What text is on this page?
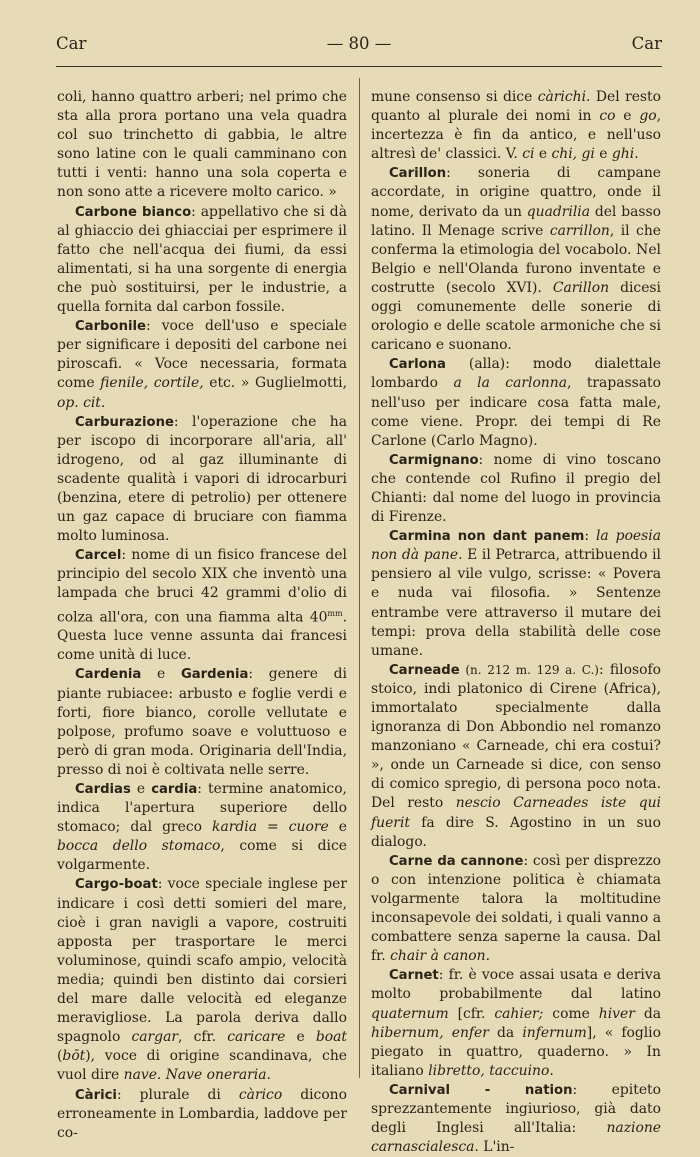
Car	— 80 —	Car

coli, hanno quattro arberi; nel primo che sta alla prora portano una vela quadra col suo trinchetto di gabbia, le altre sono latine con le quali camminano con tutti i venti: hanno una sola coperta e non sono atte a ricevere molto carico. »

Carbone bianco: appellativo che si dà al ghiaccio dei ghiacciai per esprimere il fatto che nell'acqua dei fiumi, da essi alimentati, si ha una sorgente di energia che può sostituirsi, per le industrie, a quella fornita dal carbon fossile.

Carbonile: voce dell'uso e speciale per significare i depositi del carbone nei piroscafi. « Voce necessaria, formata come fienile, cortile, etc. » Guglielmotti, op. cit.

Carburazione: l'operazione che ha per iscopo di incorporare all'aria, all' idrogeno, od al gaz illuminante di scadente qualità i vapori di idrocarburi (benzina, etere di petrolio) per ottenere un gaz capace di bruciare con fiamma molto luminosa.

Carcel: nome di un fisico francese del principio del secolo XIX che inventò una lampada che bruci 42 grammi d'olio di colza all'ora, con una fiamma alta $40^{mm}$. Questa luce venne assunta dai francesi come unità di luce.

Cardenia e Gardenia: genere di piante rubiacee: arbusto e foglie verdi e forti, fiore bianco, corolle vellutate e polpose, profumo soave e voluttuoso e però di gran moda. Originaria dell'India, presso di noi è coltivata nelle serre.

Cardias e cardia: termine anatomico, indica l'apertura superiore dello stomaco; dal greco kardia = cuore e bocca dello stomaco, come si dice volgarmente.

Cargo-boat: voce speciale inglese per indicare i così detti somieri del mare, cioè i gran navigli a vapore, costruiti apposta per trasportare le merci voluminose, quindi scafo ampio, velocità media; quindi ben distinto dai corsieri del mare dalle velocità ed eleganze meravigliose. La parola deriva dallo spagnolo cargar, cfr. caricare e boat (bōt), voce di origine scandinava, che vuol dire nave. Nave oneraria.

Càrici: plurale di càrico dicono erroneamente in Lombardia, laddove per co-

mune consenso si dice càrichi. Del resto quanto al plurale dei nomi in co e go, incertezza è fin da antico, e nell'uso altresì de' classici. V. ci e chi, gi e ghi.

Carillon: soneria di campane accordate, in origine quattro, onde il nome, derivato da un quadrilia del basso latino. Il Menage scrive carrillon, il che conferma la etimologia del vocabolo. Nel Belgio e nell'Olanda furono inventate e costrutte (secolo XVI). Carillon dicesi oggi comunemente delle sonerie di orologio e delle scatole armoniche che si caricano e suonano.

Carlona (alla): modo dialettale lombardo a la carlonna, trapassato nell'uso per indicare cosa fatta male, come viene. Propr. dei tempi di Re Carlone (Carlo Magno).

Carmignano: nome di vino toscano che contende col Rufino il pregio del Chianti: dal nome del luogo in provincia di Firenze.

Carmina non dant panem: la poesia non dà pane. E il Petrarca, attribuendo il pensiero al vile vulgo, scrisse: « Povera e nuda vai filosofia. » Sentenze entrambe vere attraverso il mutare dei tempi: prova della stabilità delle cose umane.

Carneade (n. 212 m. 129 a. C.): filosofo stoico, indi platonico di Cirene (Africa), immortalato specialmente dalla ignoranza di Don Abbondio nel romanzo manzoniano « Carneade, chi era costui? », onde un Carneade si dice, con senso di comico spregio, di persona poco nota. Del resto nescio Carneades iste qui fuerit fa dire S. Agostino in un suo dialogo.

Carne da cannone: così per disprezzo o con intenzione politica è chiamata volgarmente talora la moltitudine inconsapevole dei soldati, i quali vanno a combattere senza saperne la causa. Dal fr. chair à canon.

Carnet: fr. è voce assai usata e deriva molto probabilmente dal latino quaternum [cfr. cahier; come hiver da hibernum, enfer da infernum], « foglio piegato in quattro, quaderno. » In italiano libretto, taccuino.

Carnival - nation: epiteto sprezzantemente ingiurioso, già dato degli Inglesi all'Italia: nazione carnascialesca. L'in-
